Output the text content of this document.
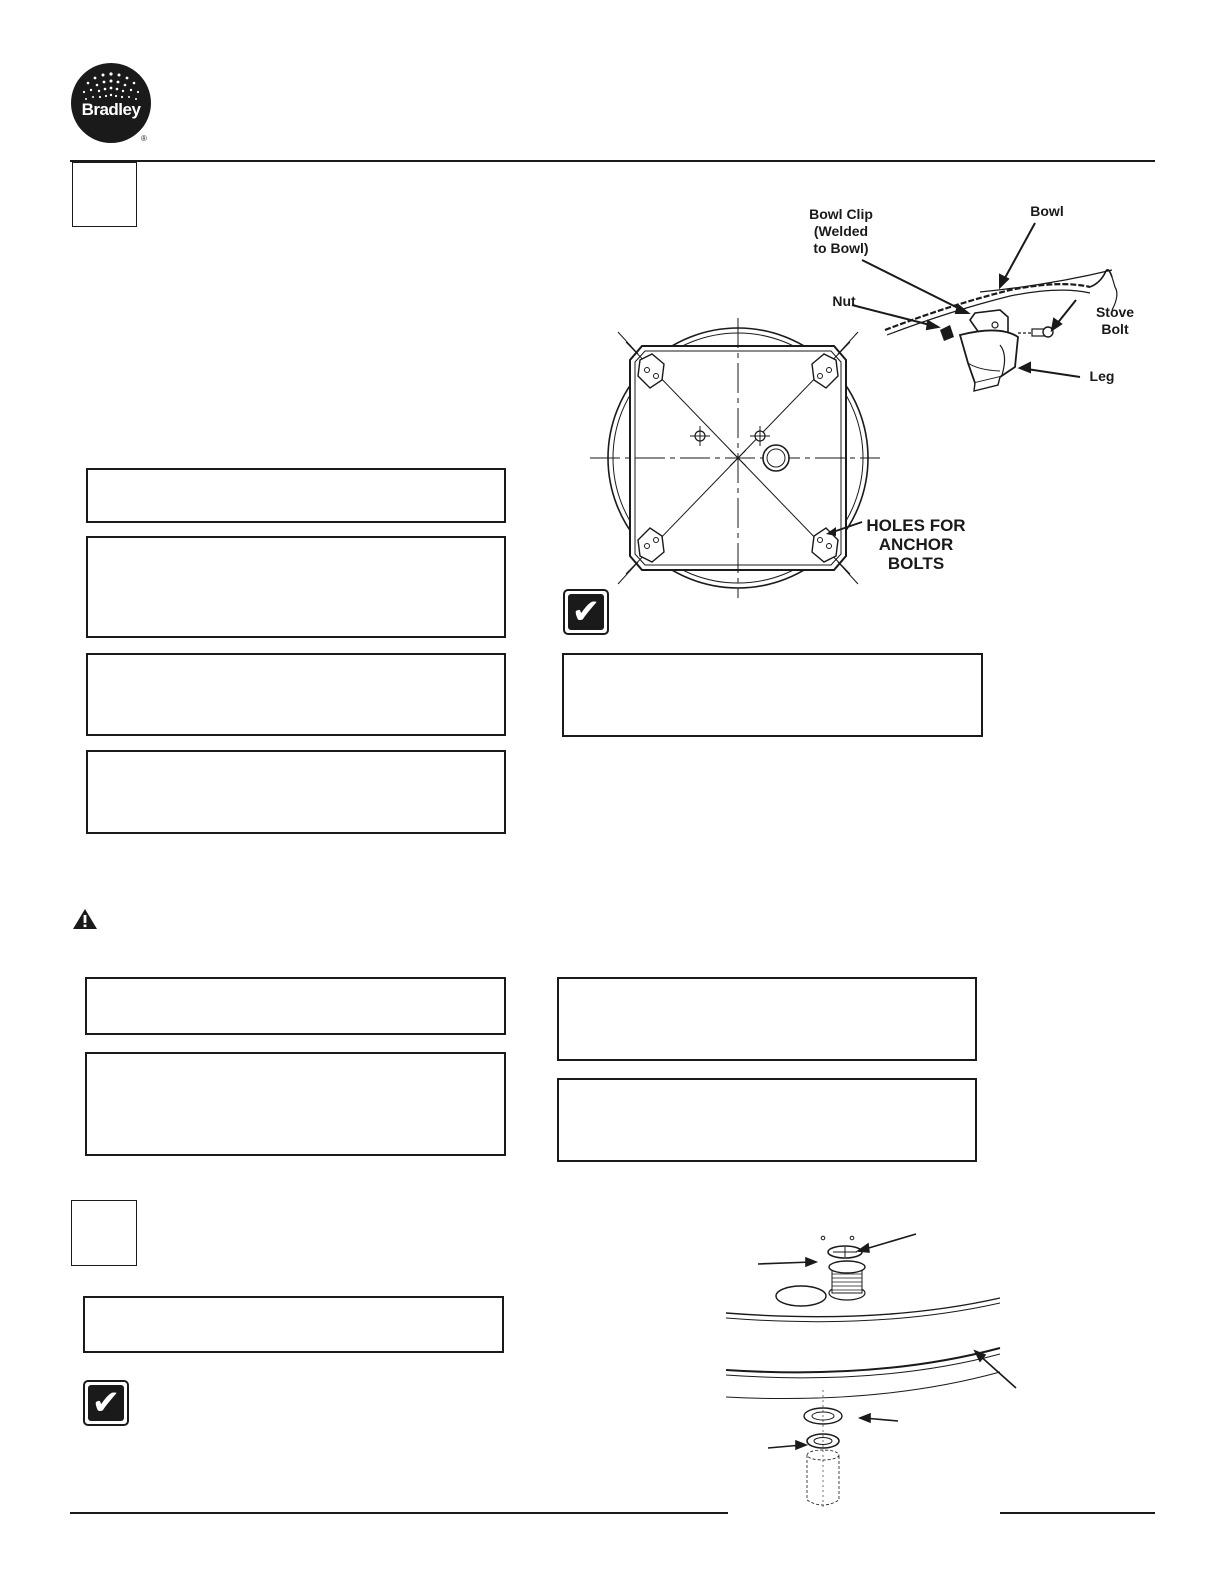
Bradley
®
✔
Bowl Clip
(Welded
to Bowl)
Bowl
Nut
Stove
Bolt
Leg
HOLES FOR
ANCHOR
BOLTS
✔
